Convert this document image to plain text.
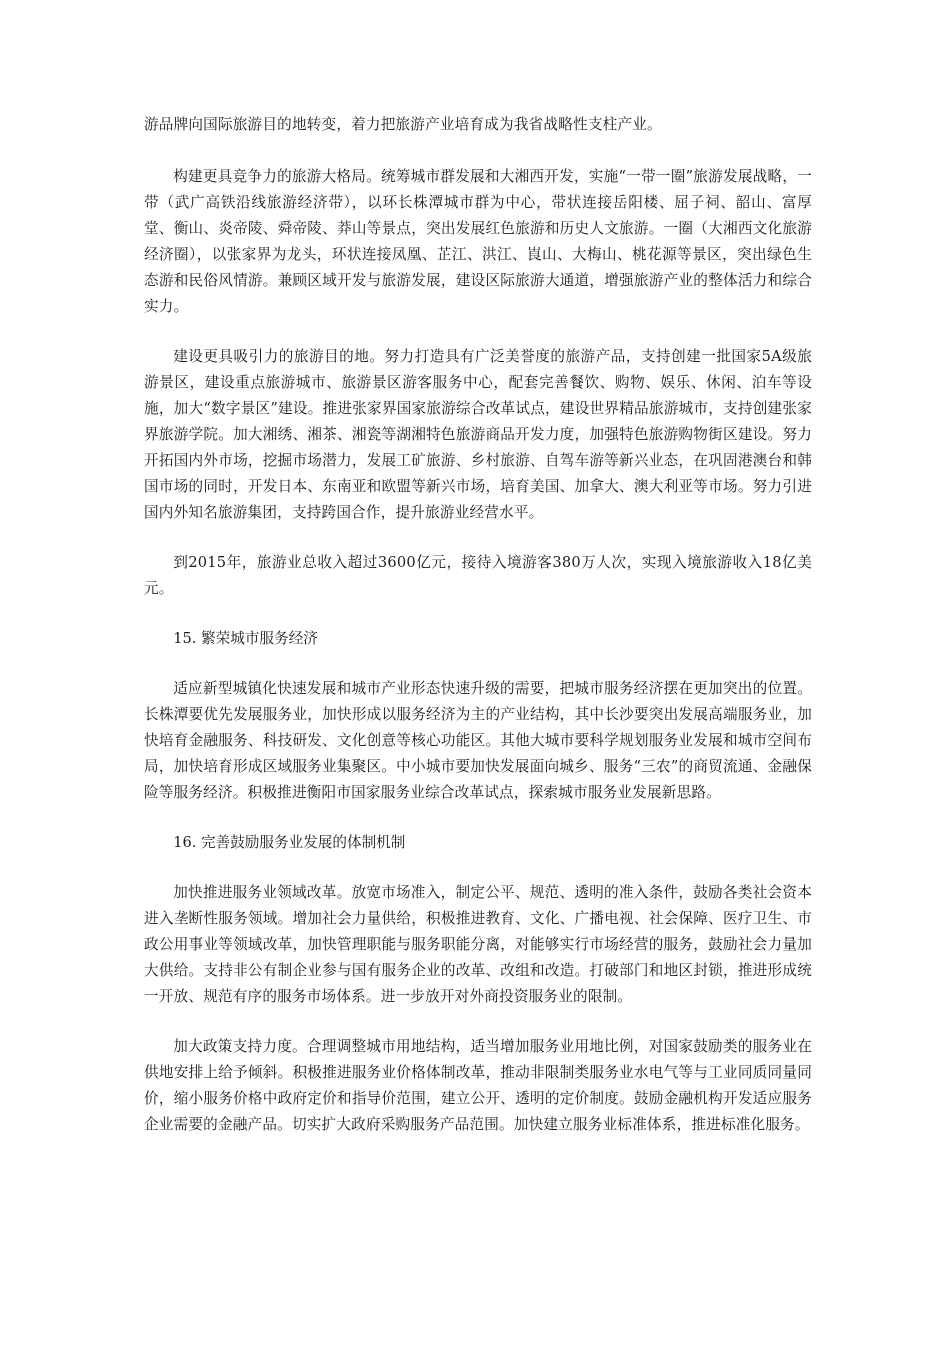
游品牌向国际旅游目的地转变，着力把旅游产业培育成为我省战略性支柱产业。

构建更具竞争力的旅游大格局。统筹城市群发展和大湘西开发，实施“一带一圈”旅游发展战略，一带（武广高铁沿线旅游经济带），以环长株潭城市群为中心，带状连接岳阳楼、屈子祠、韶山、富厚堂、衡山、炎帝陵、舜帝陵、莽山等景点，突出发展红色旅游和历史人文旅游。一圈（大湘西文化旅游经济圈），以张家界为龙头，环状连接凤凰、芷江、洪江、崀山、大梅山、桃花源等景区，突出绿色生态游和民俗风情游。兼顾区域开发与旅游发展，建设区际旅游大通道，增强旅游产业的整体活力和综合实力。

建设更具吸引力的旅游目的地。努力打造具有广泛美誉度的旅游产品，支持创建一批国家5A级旅游景区，建设重点旅游城市、旅游景区游客服务中心，配套完善餐饮、购物、娱乐、休闲、泊车等设施，加大“数字景区”建设。推进张家界国家旅游综合改革试点，建设世界精品旅游城市，支持创建张家界旅游学院。加大湘绣、湘茶、湘瓷等湖湘特色旅游商品开发力度，加强特色旅游购物街区建设。努力开拓国内外市场，挖掘市场潜力，发展工矿旅游、乡村旅游、自驾车游等新兴业态，在巩固港澳台和韩国市场的同时，开发日本、东南亚和欧盟等新兴市场，培育美国、加拿大、澳大利亚等市场。努力引进国内外知名旅游集团，支持跨国合作，提升旅游业经营水平。

到2015年，旅游业总收入超过3600亿元，接待入境游客380万人次，实现入境旅游收入18亿美元。

15. 繁荣城市服务经济

适应新型城镇化快速发展和城市产业形态快速升级的需要，把城市服务经济摆在更加突出的位置。长株潭要优先发展服务业，加快形成以服务经济为主的产业结构，其中长沙要突出发展高端服务业，加快培育金融服务、科技研发、文化创意等核心功能区。其他大城市要科学规划服务业发展和城市空间布局，加快培育形成区域服务业集聚区。中小城市要加快发展面向城乡、服务“三农”的商贸流通、金融保险等服务经济。积极推进衡阳市国家服务业综合改革试点，探索城市服务业发展新思路。

16. 完善鼓励服务业发展的体制机制

加快推进服务业领域改革。放宽市场准入，制定公平、规范、透明的准入条件，鼓励各类社会资本进入垄断性服务领域。增加社会力量供给，积极推进教育、文化、广播电视、社会保障、医疗卫生、市政公用事业等领域改革，加快管理职能与服务职能分离，对能够实行市场经营的服务，鼓励社会力量加大供给。支持非公有制企业参与国有服务企业的改革、改组和改造。打破部门和地区封锁，推进形成统一开放、规范有序的服务市场体系。进一步放开对外商投资服务业的限制。

加大政策支持力度。合理调整城市用地结构，适当增加服务业用地比例，对国家鼓励类的服务业在供地安排上给予倾斜。积极推进服务业价格体制改革，推动非限制类服务业水电气等与工业同质同量同价，缩小服务价格中政府定价和指导价范围，建立公开、透明的定价制度。鼓励金融机构开发适应服务企业需要的金融产品。切实扩大政府采购服务产品范围。加快建立服务业标准体系，推进标准化服务。
